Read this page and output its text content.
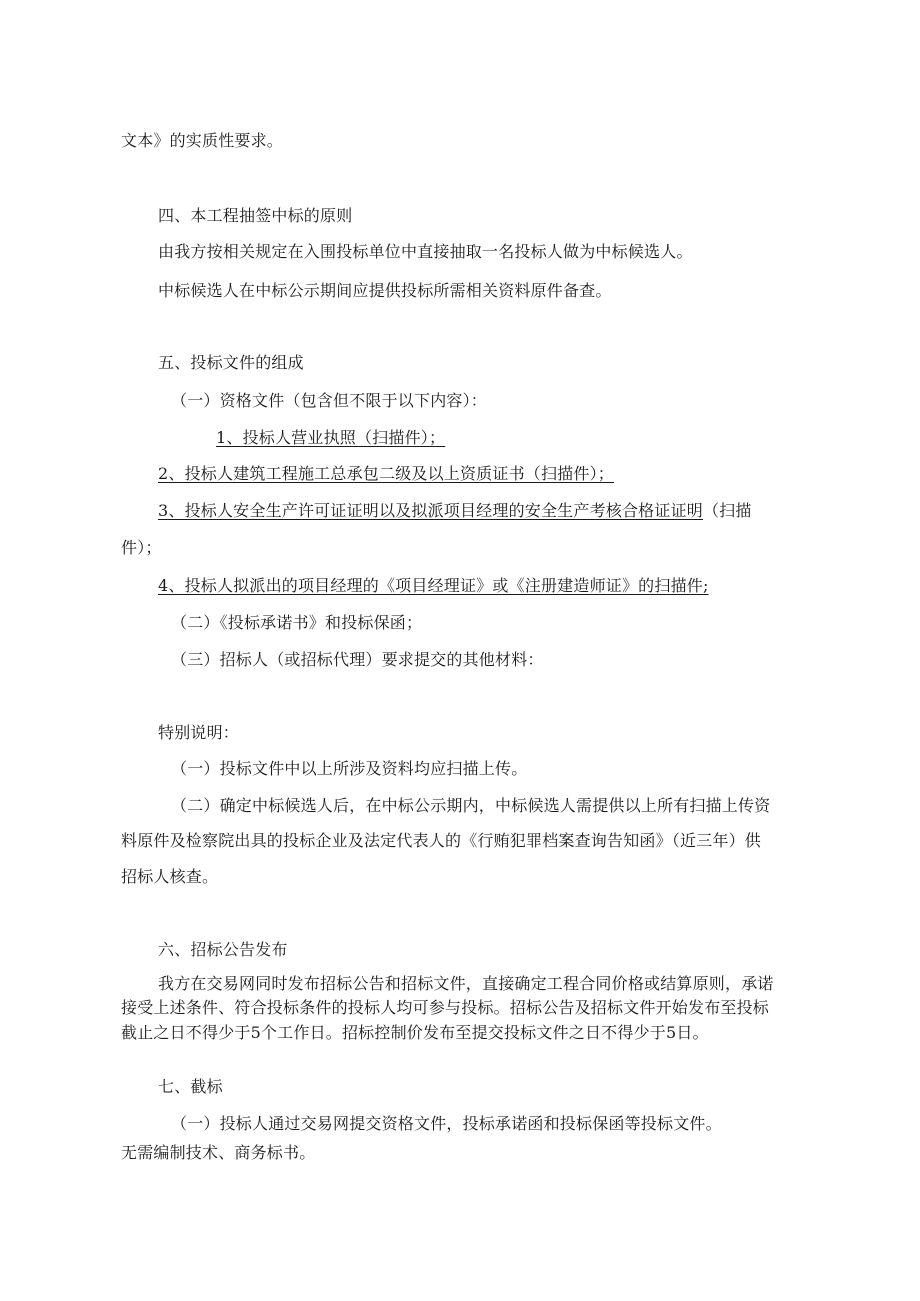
文本》的实质性要求。
四、本工程抽签中标的原则
由我方按相关规定在入围投标单位中直接抽取一名投标人做为中标候选人。
中标候选人在中标公示期间应提供投标所需相关资料原件备查。
五、投标文件的组成
（一）资格文件（包含但不限于以下内容）：
1、投标人营业执照（扫描件）；
2、投标人建筑工程施工总承包二级及以上资质证书（扫描件）；
3、投标人安全生产许可证证明以及拟派项目经理的安全生产考核合格证证明（扫描
件）；
4、投标人拟派出的项目经理的《项目经理证》或《注册建造师证》的扫描件;
（二）《投标承诺书》和投标保函；
（三）招标人（或招标代理）要求提交的其他材料：
特别说明：
（一）投标文件中以上所涉及资料均应扫描上传。
（二）确定中标候选人后，在中标公示期内，中标候选人需提供以上所有扫描上传资
料原件及检察院出具的投标企业及法定代表人的《行贿犯罪档案查询告知函》（近三年）供
招标人核查。
六、招标公告发布
我方在交易网同时发布招标公告和招标文件，直接确定工程合同价格或结算原则，承诺
接受上述条件、符合投标条件的投标人均可参与投标。招标公告及招标文件开始发布至投标
截止之日不得少于5个工作日。招标控制价发布至提交投标文件之日不得少于5日。
七、截标
（一）投标人通过交易网提交资格文件，投标承诺函和投标保函等投标文件。
无需编制技术、商务标书。
